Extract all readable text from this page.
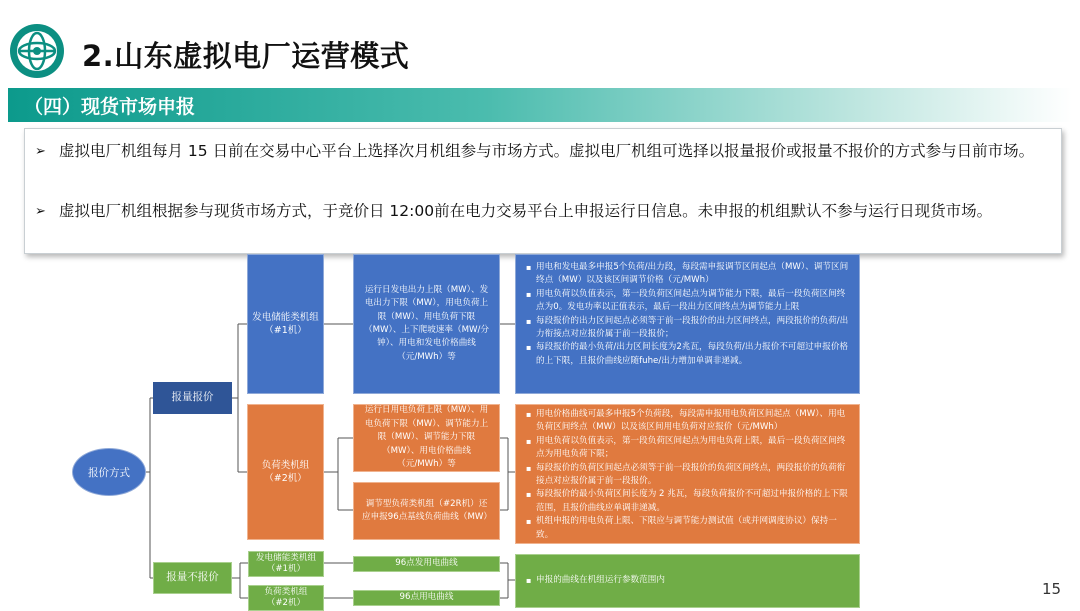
2.山东虚拟电厂运营模式
（四）现货市场申报
➢ 虚拟电厂机组每月 15 日前在交易中心平台上选择次月机组参与市场方式。虚拟电厂机组可选择以报量报价或报量不报价的方式参与日前市场。
➢ 虚拟电厂机组根据参与现货市场方式，于竞价日 12:00前在电力交易平台上申报运行日信息。未申报的机组默认不参与运行日现货市场。
报价方式
报量报价
报量不报价
发电储能类机组
（#1机）
负荷类机组
（#2机）
运行日发电出力上限（MW）、发电出力下限（MW），用电负荷上限（MW）、用电负荷下限（MW）、上下爬坡速率（MW/分钟）、用电和发电价格曲线（元/MWh）等
运行日用电负荷上限（MW）、用电负荷下限（MW）、调节能力上限（MW）、调节能力下限（MW）、用电价格曲线（元/MWh）等
调节型负荷类机组（#2R机）还应申报96点基线负荷曲线（MW）
▪ 用电和发电最多申报5个负荷/出力段，每段需申报调节区间起点（MW）、调节区间终点（MW）以及该区间调节价格（元/MWh）
▪ 用电负荷以负值表示，第一段负荷区间起点为调节能力下限，最后一段负荷区间终点为0。发电功率以正值表示，最后一段出力区间终点为调节能力上限
▪ 每段报价的出力区间起点必须等于前一段报价的出力区间终点，两段报价的负荷/出力衔接点对应报价属于前一段报价；
▪ 每段报价的最小负荷/出力区间长度为2兆瓦，每段负荷/出力报价不可超过申报价格的上下限，且报价曲线应随fuhe/出力增加单调非递减。
▪ 用电价格曲线可最多申报5个负荷段，每段需申报用电负荷区间起点（MW）、用电负荷区间终点（MW）以及该区间用电负荷对应报价（元/MWh）
▪ 用电负荷以负值表示，第一段负荷区间起点为用电负荷上限，最后一段负荷区间终点为用电负荷下限；
▪ 每段报价的负荷区间起点必须等于前一段报价的负荷区间终点，两段报价的负荷衔接点对应报价属于前一段报价。
▪ 每段报价的最小负荷区间长度为 2 兆瓦，每段负荷报价不可超过申报价格的上下限范围，且报价曲线应单调非递减。
▪ 机组申报的用电负荷上限、下限应与调节能力测试值（或并网调度协议）保持一致。
发电储能类机组
（#1机）
负荷类机组
（#2机）
96点发用电曲线
96点用电曲线
▪ 申报的曲线在机组运行参数范围内	15
